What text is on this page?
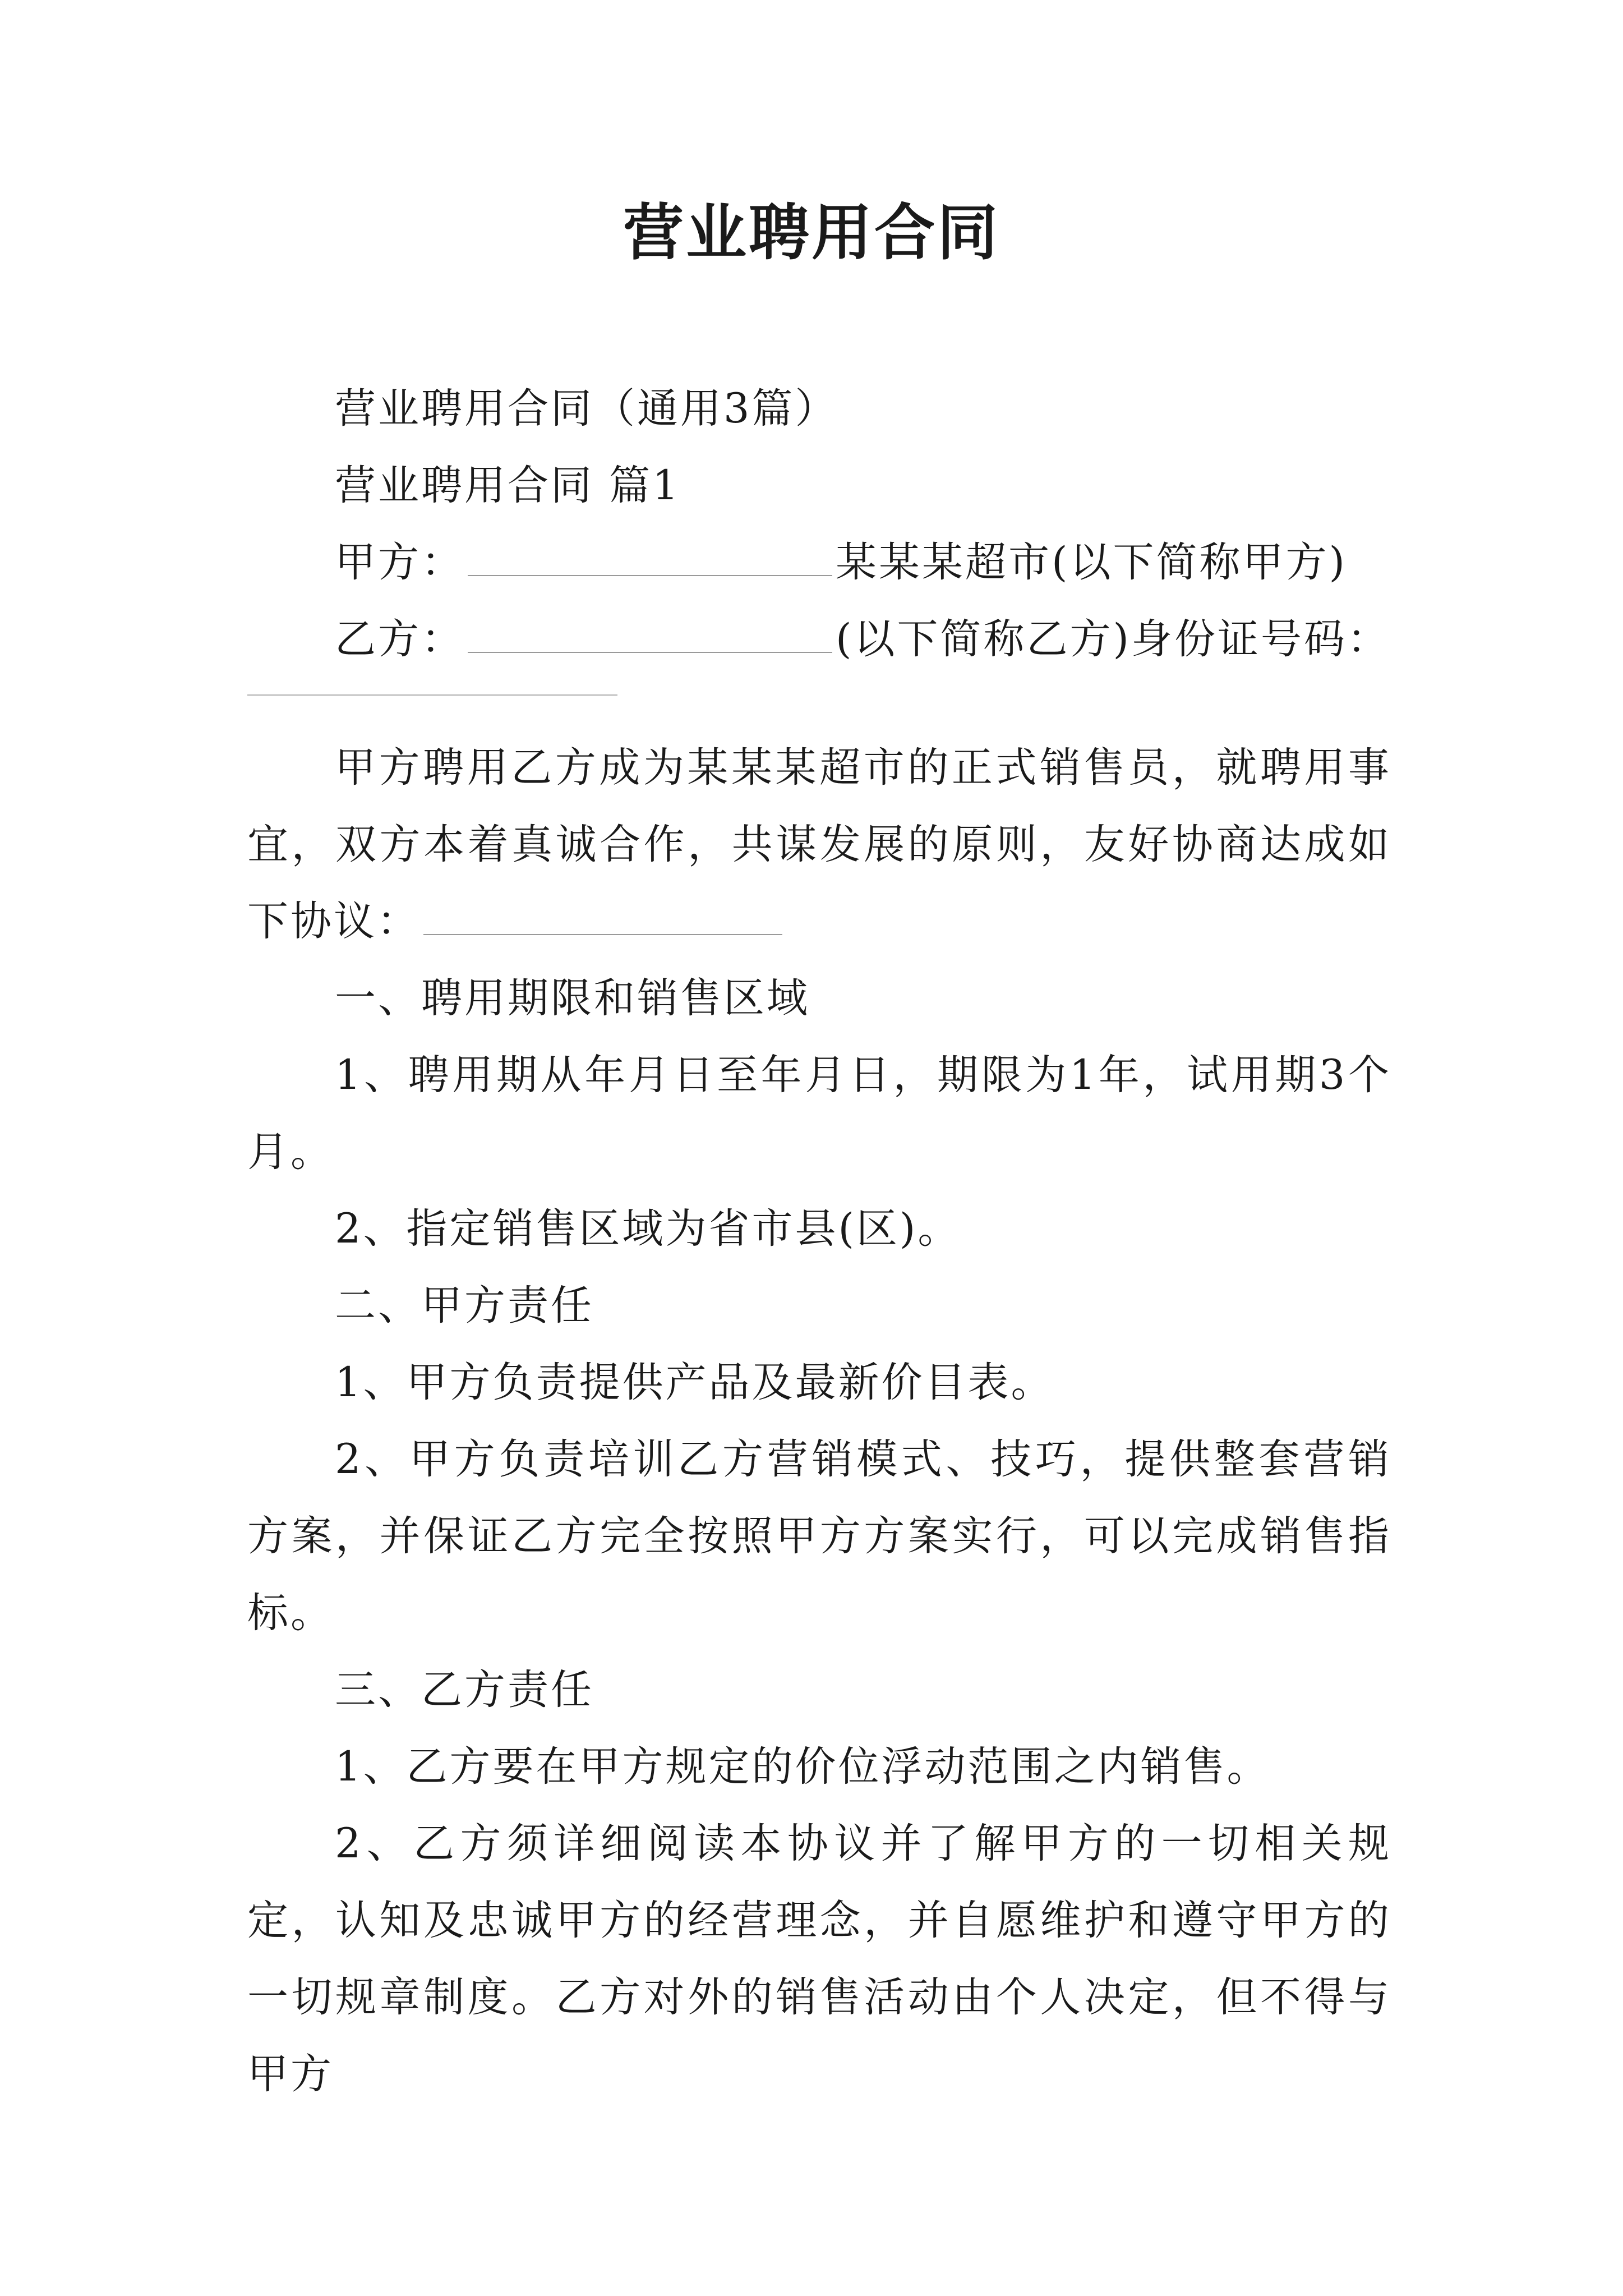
营业聘用合同

营业聘用合同（通用3篇）

营业聘用合同 篇1

甲方：	某某某超市(以下简称甲方)

乙方：	(以下简称乙方)身份证号码：

甲方聘用乙方成为某某某超市的正式销售员，就聘用事宜，双方本着真诚合作，共谋发展的原则，友好协商达成如下协议：

一、聘用期限和销售区域

1、聘用期从年月日至年月日，期限为1年，试用期3个月。

2、指定销售区域为省市县(区)。

二、甲方责任

1、甲方负责提供产品及最新价目表。

2、甲方负责培训乙方营销模式、技巧，提供整套营销方案，并保证乙方完全按照甲方方案实行，可以完成销售指标。

三、乙方责任

1、乙方要在甲方规定的价位浮动范围之内销售。

2、乙方须详细阅读本协议并了解甲方的一切相关规定，认知及忠诚甲方的经营理念，并自愿维护和遵守甲方的一切规章制度。乙方对外的销售活动由个人决定，但不得与甲方
